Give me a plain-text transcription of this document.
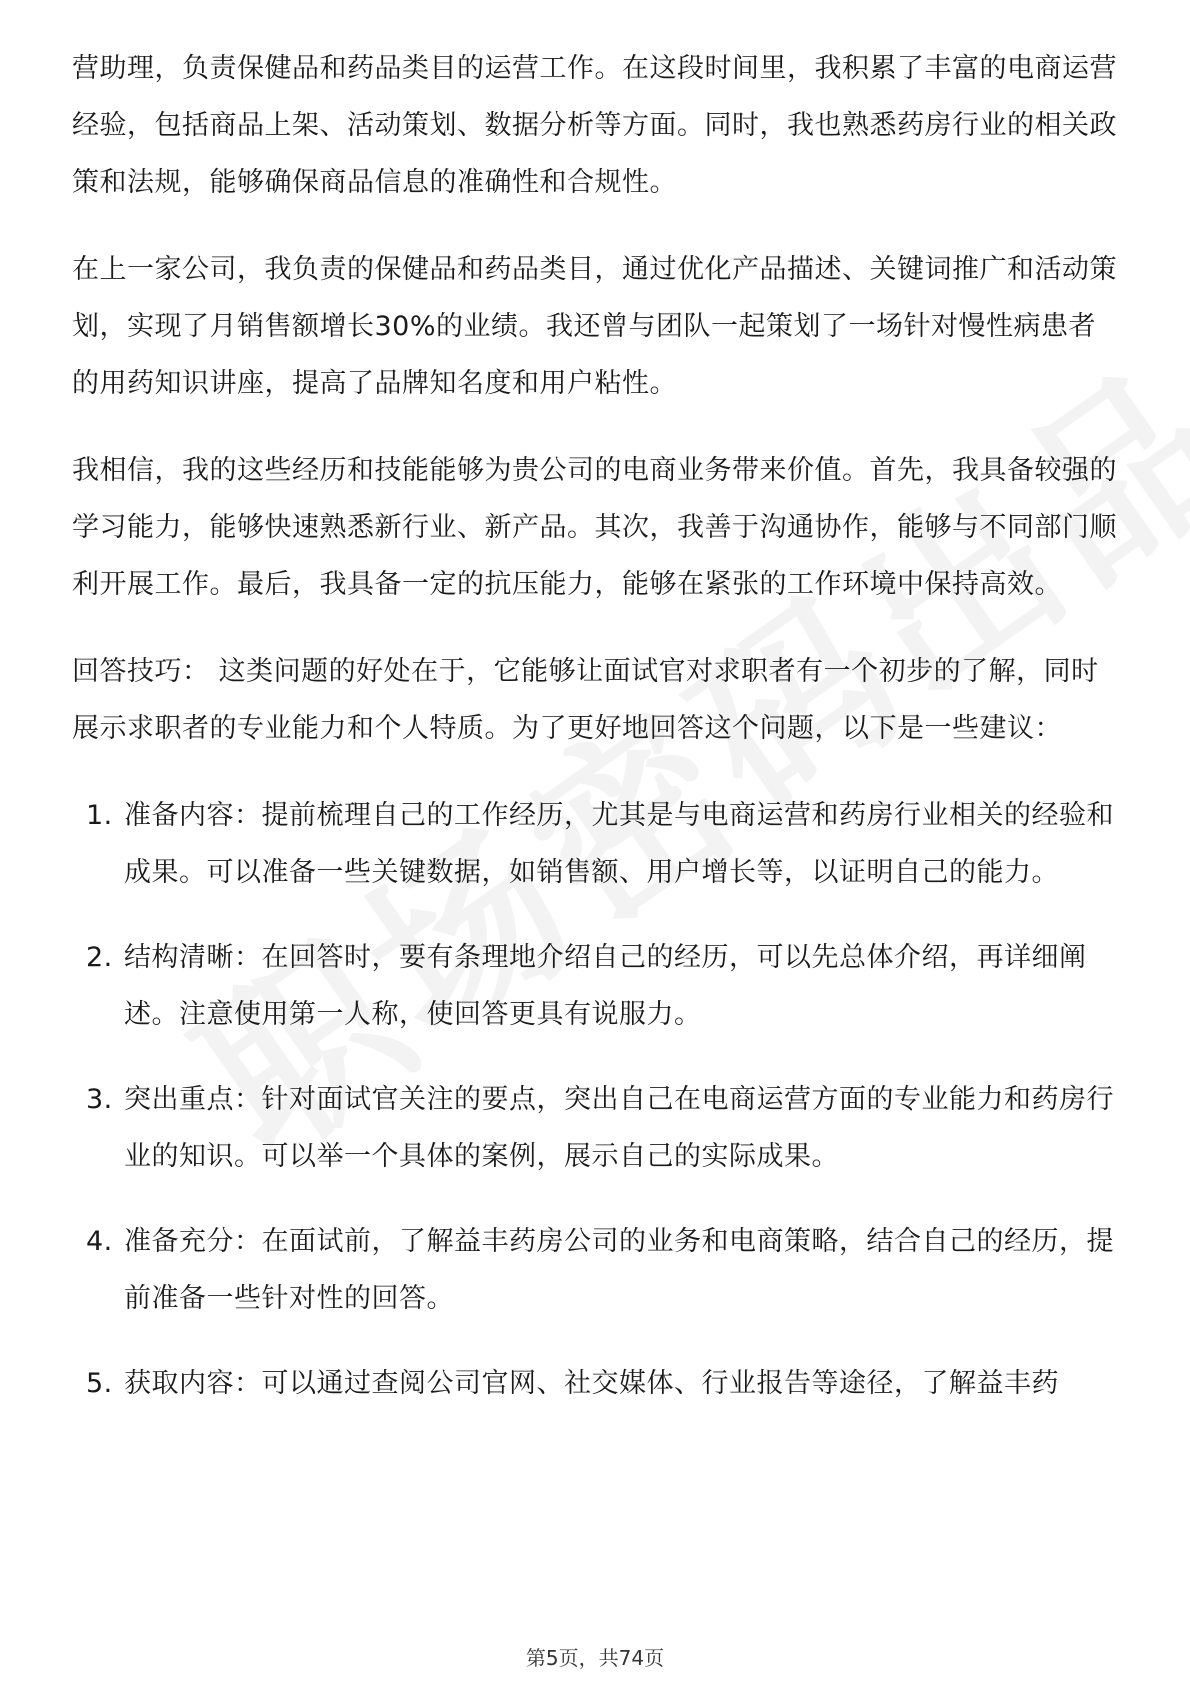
营助理，负责保健品和药品类目的运营工作。在这段时间里，我积累了丰富的电商运营经验，包括商品上架、活动策划、数据分析等方面。同时，我也熟悉药房行业的相关政策和法规，能够确保商品信息的准确性和合规性。

在上一家公司，我负责的保健品和药品类目，通过优化产品描述、关键词推广和活动策划，实现了月销售额增长30%的业绩。我还曾与团队一起策划了一场针对慢性病患者的用药知识讲座，提高了品牌知名度和用户粘性。

我相信，我的这些经历和技能能够为贵公司的电商业务带来价值。首先，我具备较强的学习能力，能够快速熟悉新行业、新产品。其次，我善于沟通协作，能够与不同部门顺利开展工作。最后，我具备一定的抗压能力，能够在紧张的工作环境中保持高效。

回答技巧： 这类问题的好处在于，它能够让面试官对求职者有一个初步的了解，同时展示求职者的专业能力和个人特质。为了更好地回答这个问题，以下是一些建议：

1. 准备内容：提前梳理自己的工作经历，尤其是与电商运营和药房行业相关的经验和成果。可以准备一些关键数据，如销售额、用户增长等，以证明自己的能力。
2. 结构清晰：在回答时，要有条理地介绍自己的经历，可以先总体介绍，再详细阐述。注意使用第一人称，使回答更具有说服力。
3. 突出重点：针对面试官关注的要点，突出自己在电商运营方面的专业能力和药房行业的知识。可以举一个具体的案例，展示自己的实际成果。
4. 准备充分：在面试前，了解益丰药房公司的业务和电商策略，结合自己的经历，提前准备一些针对性的回答。
5. 获取内容：可以通过查阅公司官网、社交媒体、行业报告等途径，了解益丰药
第5页，共74页
